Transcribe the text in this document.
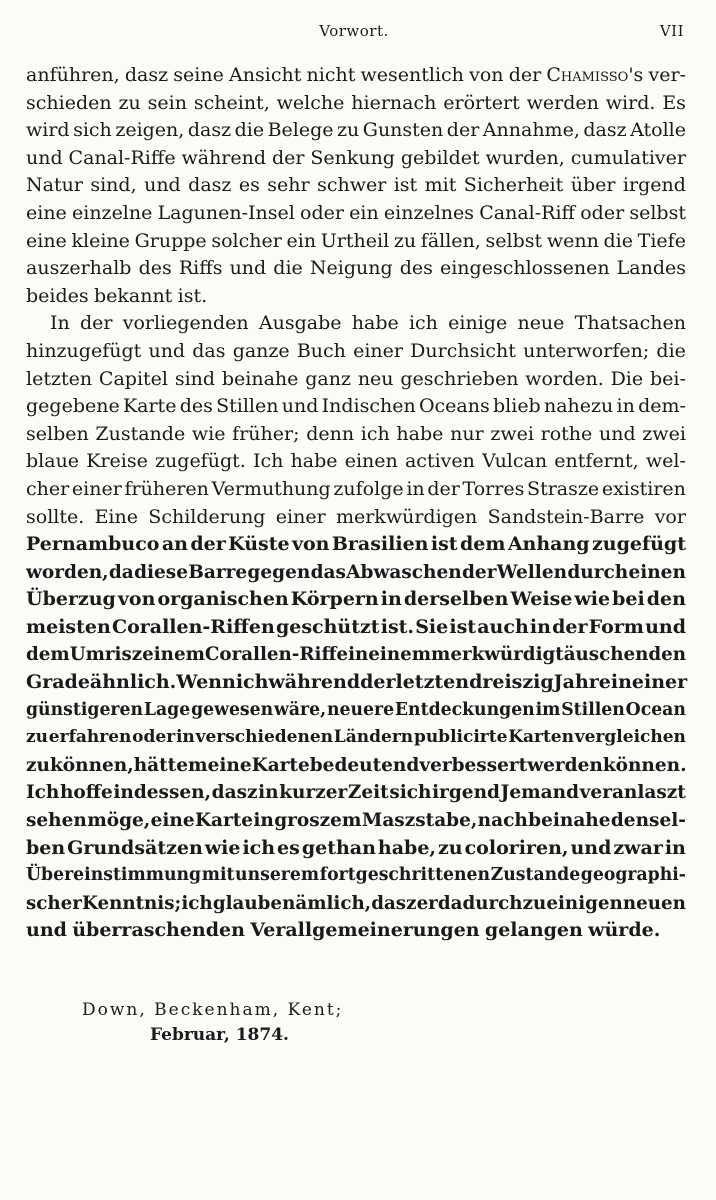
Vorwort.	VII
anführen, dasz seine Ansicht nicht wesentlich von der Chamisso's ver-
schieden zu sein scheint, welche hiernach erörtert werden wird. Es
wird sich zeigen, dasz die Belege zu Gunsten der Annahme, dasz Atolle
und Canal-Riffe während der Senkung gebildet wurden, cumulativer
Natur sind, und dasz es sehr schwer ist mit Sicherheit über irgend
eine einzelne Lagunen-Insel oder ein einzelnes Canal-Riff oder selbst
eine kleine Gruppe solcher ein Urtheil zu fällen, selbst wenn die Tiefe
auszerhalb des Riffs und die Neigung des eingeschlossenen Landes
beides bekannt ist.
In der vorliegenden Ausgabe habe ich einige neue Thatsachen
hinzugefügt und das ganze Buch einer Durchsicht unterworfen; die
letzten Capitel sind beinahe ganz neu geschrieben worden. Die bei-
gegebene Karte des Stillen und Indischen Oceans blieb nahezu in dem-
selben Zustande wie früher; denn ich habe nur zwei rothe und zwei
blaue Kreise zugefügt. Ich habe einen activen Vulcan entfernt, wel-
cher einer früheren Vermuthung zufolge in der Torres Strasze existiren
sollte. Eine Schilderung einer merkwürdigen Sandstein-Barre vor
Pernambuco an der Küste von Brasilien ist dem Anhang zugefügt
worden, da diese Barre gegen das Abwaschen der Wellen durch einen
Überzug von organischen Körpern in derselben Weise wie bei den
meisten Corallen-Riffen geschützt ist. Sie ist auch in der Form und
dem Umrisz einem Corallen-Riffe in einem merkwürdig täuschenden
Grade ähnlich. Wenn ich während der letzten dreiszig Jahre in einer
günstigeren Lage gewesen wäre, neuere Entdeckungen im Stillen Ocean
zu erfahren oder in verschiedenen Ländern publicirte Karten vergleichen
zu können, hätte meine Karte bedeutend verbessert werden können.
Ich hoffe indessen, dasz in kurzer Zeit sich irgend Jemand veranlaszt
sehen möge, eine Karte in groszem Maszstabe, nach beinahe densel-
ben Grundsätzen wie ich es gethan habe, zu coloriren, und zwar in
Übereinstimmung mit unserem fortgeschrittenen Zustande geographi-
scher Kenntnis; ich glaube nämlich, dasz er dadurch zu einigen neuen
und überraschenden Verallgemeinerungen gelangen würde.
Down, Beckenham, Kent;
Februar, 1874.
